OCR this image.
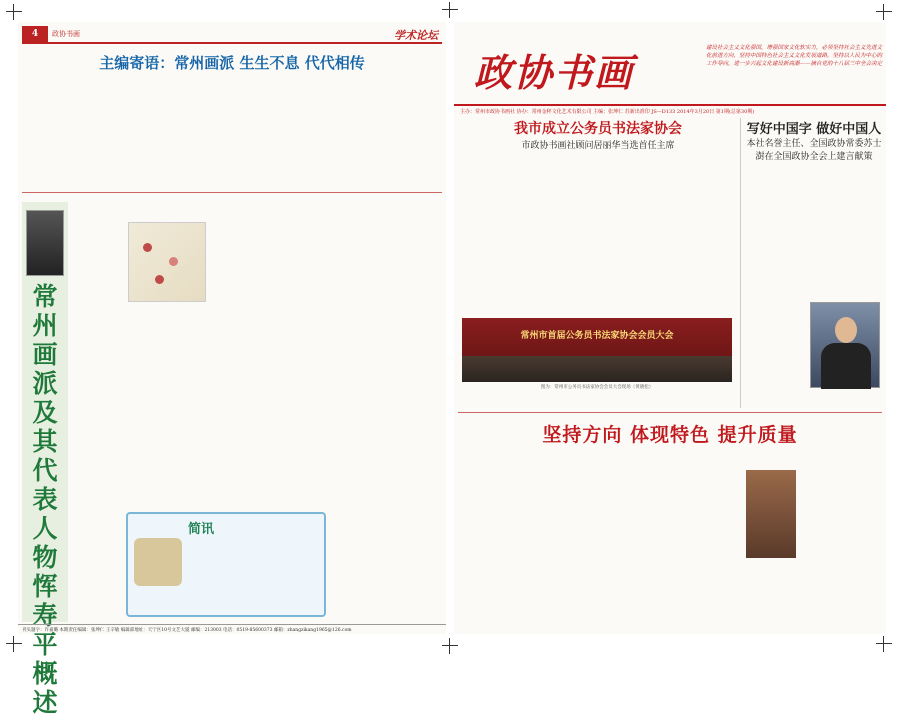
4	政协书画	学术论坛
主编寄语：常州画派 生生不息 代代相传
常州画派及其代表人物恽寿平概述
简讯
刊头题字：许嘉璐 本期责任编辑：张坤仁 王辛敏 编辑部地址：天宁区10号文艺大厦 邮编：213003 电话：0519-85600373 邮箱：zhangzikang1965@126.com
政协书画
建设社会主义文化强国，增强国家文化软实力，必须坚持社会主义先进文化前进方向，坚持中国特色社会主义文化发展道路，坚持以人民为中心的工作导向，进一步兴起文化建设新高潮——摘自党的十八届三中全会决定
主办：常州市政协书画社 协办：常州金秤文化艺术有限公司 主编：张坤仁 苏新出准印 JS—D133 2014年3月20日 第1期(总第30期)
我市成立公务员书法家协会
市政协书画社顾问居丽华当选首任主席
常州市首届公务员书法家协会会员大会
图为：常州市公务员书法家协会会员大会现场（黄晓松）
写好中国字 做好中国人
本社名誉主任、全国政协常委苏士澍在全国政协全会上建言献策
坚持方向 体现特色 提升质量
